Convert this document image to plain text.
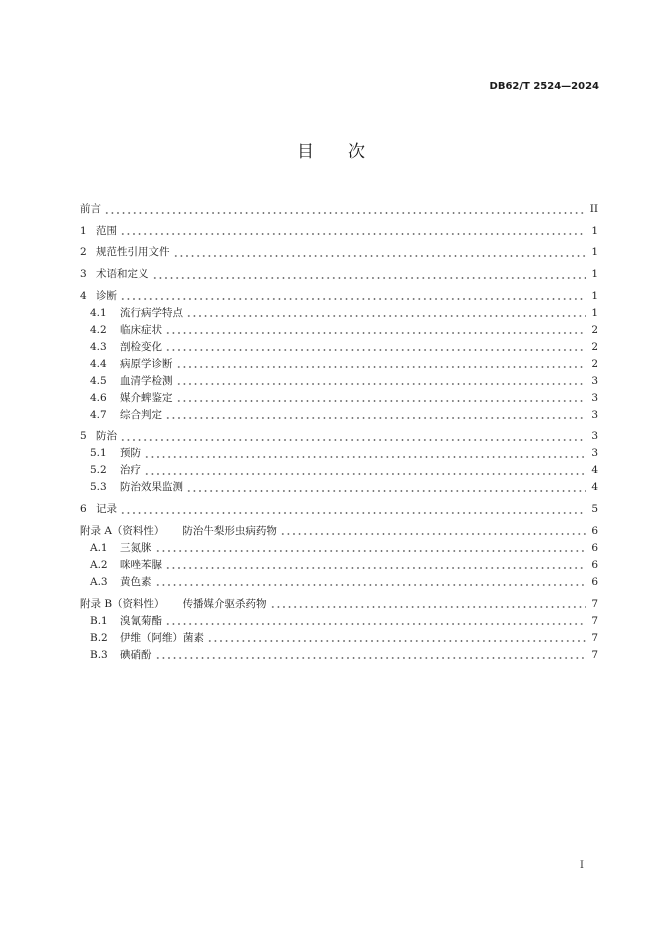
DB62/T 2524—2024
目　　次
前言	II
1 范围	1
2 规范性引用文件	1
3 术语和定义	1
4 诊断	1
4.1	流行病学特点	1
4.2	临床症状	2
4.3	剖检变化	2
4.4	病原学诊断	2
4.5	血清学检测	3
4.6	媒介蜱鉴定	3
4.7	综合判定	3
5 防治	3
5.1	预防	3
5.2	治疗	4
5.3	防治效果监测	4
6 记录	5
附录 A（资料性） 防治牛梨形虫病药物	6
A.1	三氮脒	6
A.2	咪唑苯脲	6
A.3	黄色素	6
附录 B（资料性） 传播媒介驱杀药物	7
B.1	溴氰菊酯	7
B.2	伊维（阿维）菌素	7
B.3	碘硝酚	7
I
